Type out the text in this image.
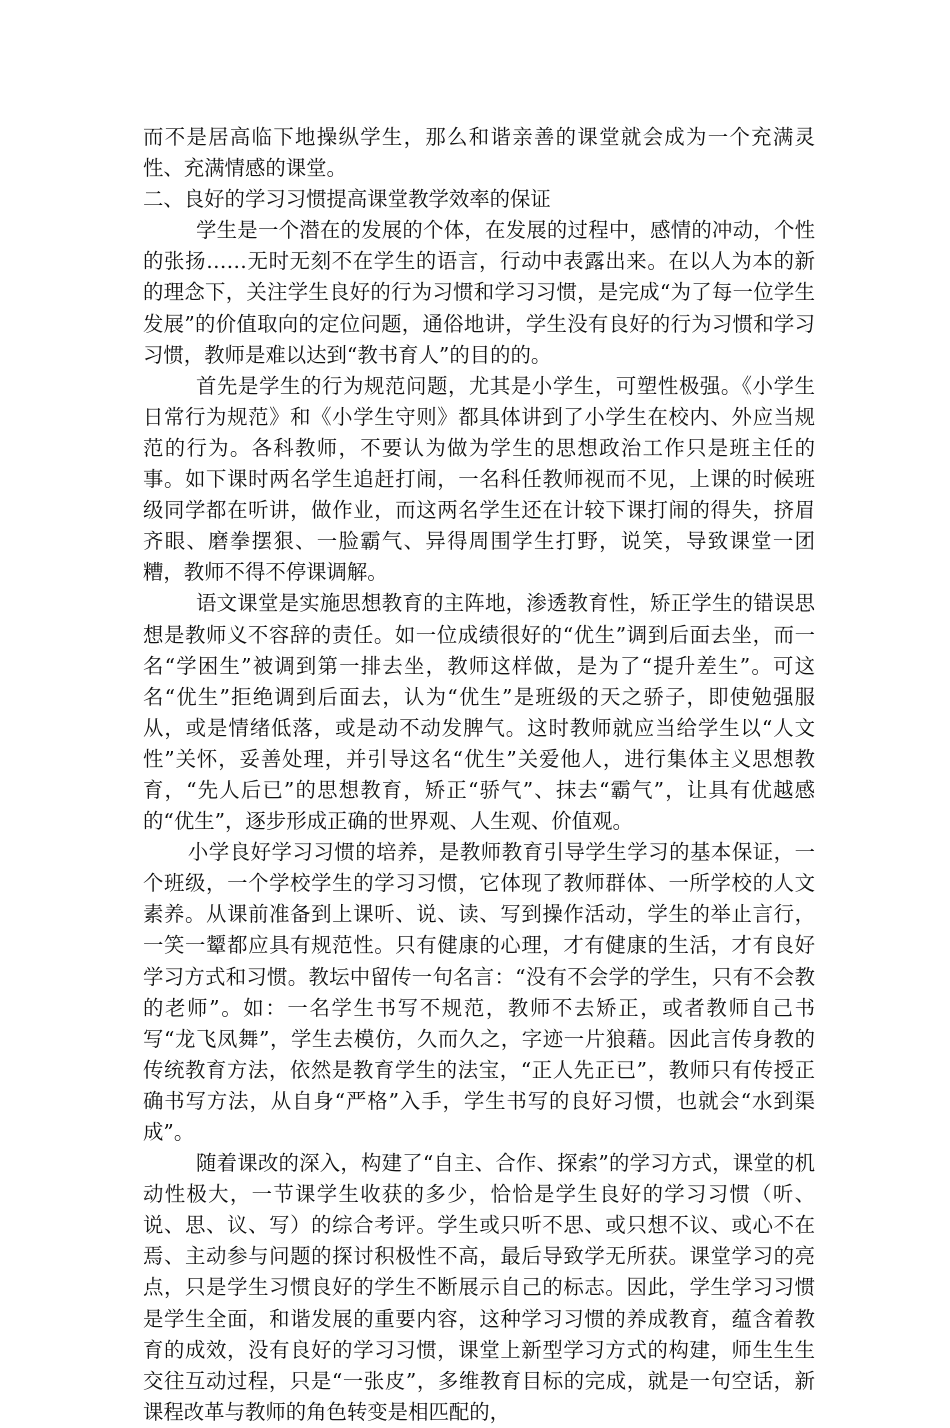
而不是居高临下地操纵学生，那么和谐亲善的课堂就会成为一个充满灵性、充满情感的课堂。

二、良好的学习习惯提高课堂教学效率的保证

学生是一个潜在的发展的个体，在发展的过程中，感情的冲动，个性的张扬……无时无刻不在学生的语言，行动中表露出来。在以人为本的新的理念下，关注学生良好的行为习惯和学习习惯，是完成“为了每一位学生发展”的价值取向的定位问题，通俗地讲，学生没有良好的行为习惯和学习习惯，教师是难以达到“教书育人”的目的的。

首先是学生的行为规范问题，尤其是小学生，可塑性极强。《小学生日常行为规范》和《小学生守则》都具体讲到了小学生在校内、外应当规范的行为。各科教师，不要认为做为学生的思想政治工作只是班主任的事。如下课时两名学生追赶打闹，一名科任教师视而不见，上课的时候班级同学都在听讲，做作业，而这两名学生还在计较下课打闹的得失，挤眉齐眼、磨拳摆狠、一脸霸气、异得周围学生打野，说笑，导致课堂一团糟，教师不得不停课调解。

语文课堂是实施思想教育的主阵地，渗透教育性，矫正学生的错误思想是教师义不容辞的责任。如一位成绩很好的“优生”调到后面去坐，而一名“学困生”被调到第一排去坐，教师这样做，是为了“提升差生”。可这名“优生”拒绝调到后面去，认为“优生”是班级的天之骄子，即使勉强服从，或是情绪低落，或是动不动发脾气。这时教师就应当给学生以“人文性”关怀，妥善处理，并引导这名“优生”关爱他人，进行集体主义思想教育，“先人后已”的思想教育，矫正“骄气”、抹去“霸气”，让具有优越感的“优生”，逐步形成正确的世界观、人生观、价值观。

小学良好学习习惯的培养，是教师教育引导学生学习的基本保证，一个班级，一个学校学生的学习习惯，它体现了教师群体、一所学校的人文素养。从课前准备到上课听、说、读、写到操作活动，学生的举止言行，一笑一颦都应具有规范性。只有健康的心理，才有健康的生活，才有良好学习方式和习惯。教坛中留传一句名言：“没有不会学的学生，只有不会教的老师”。如：一名学生书写不规范，教师不去矫正，或者教师自己书写“龙飞凤舞”，学生去模仿，久而久之，字迹一片狼藉。因此言传身教的传统教育方法，依然是教育学生的法宝，“正人先正已”，教师只有传授正确书写方法，从自身“严格”入手，学生书写的良好习惯，也就会“水到渠成”。

随着课改的深入，构建了“自主、合作、探索”的学习方式，课堂的机动性极大，一节课学生收获的多少，恰恰是学生良好的学习习惯（听、说、思、议、写）的综合考评。学生或只听不思、或只想不议、或心不在焉、主动参与问题的探讨积极性不高，最后导致学无所获。课堂学习的亮点，只是学生习惯良好的学生不断展示自己的标志。因此，学生学习习惯是学生全面，和谐发展的重要内容，这种学习习惯的养成教育，蕴含着教育的成效，没有良好的学习习惯，课堂上新型学习方式的构建，师生生生交往互动过程，只是“一张皮”，多维教育目标的完成，就是一句空话，新课程改革与教师的角色转变是相匹配的，
